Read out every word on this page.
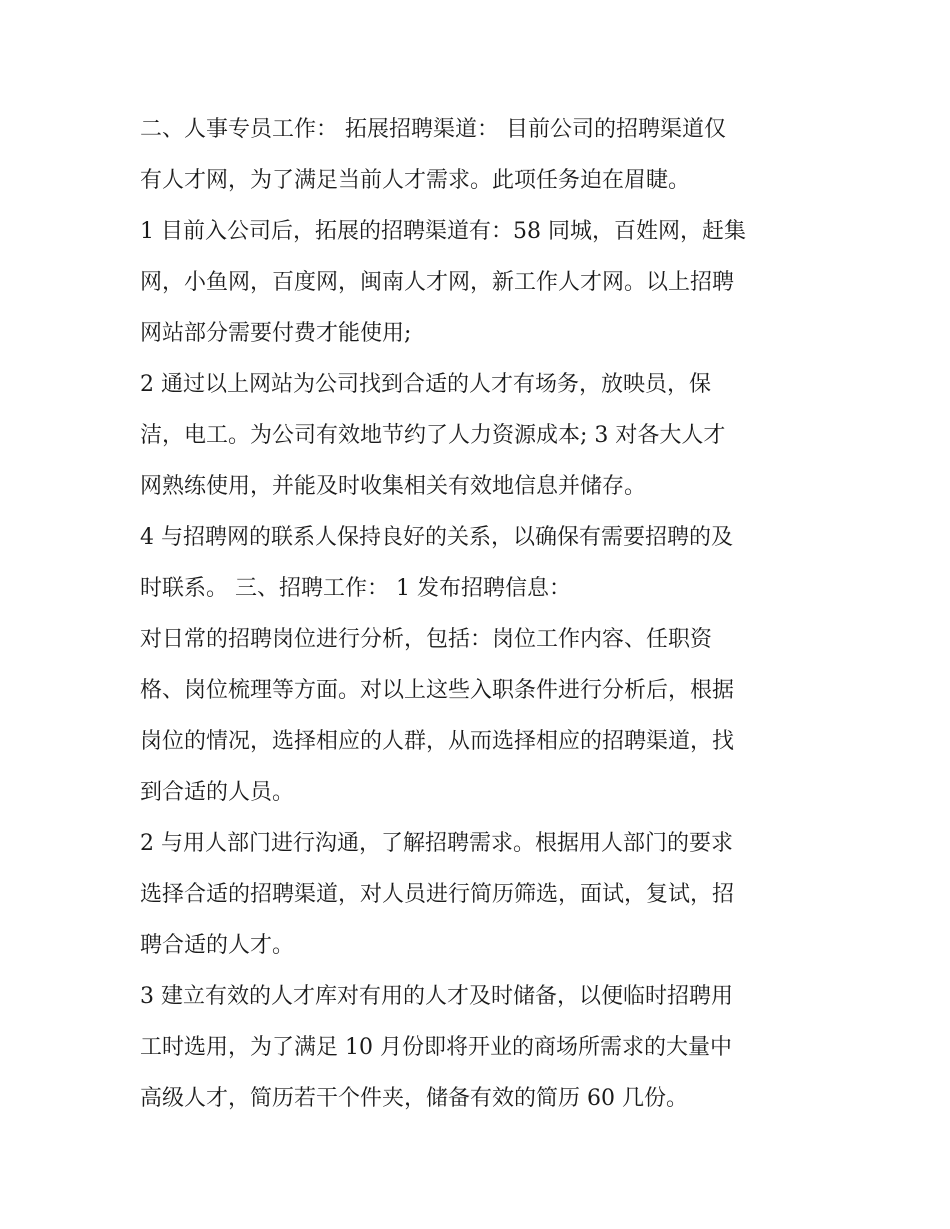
二、人事专员工作： 拓展招聘渠道： 目前公司的招聘渠道仅
有人才网，为了满足当前人才需求。此项任务迫在眉睫。
1 目前入公司后，拓展的招聘渠道有：58 同城，百姓网，赶集
网，小鱼网，百度网，闽南人才网，新工作人才网。以上招聘
网站部分需要付费才能使用;
2 通过以上网站为公司找到合适的人才有场务，放映员，保
洁，电工。为公司有效地节约了人力资源成本; 3 对各大人才
网熟练使用，并能及时收集相关有效地信息并储存。
4 与招聘网的联系人保持良好的关系，以确保有需要招聘的及
时联系。 三、招聘工作： 1 发布招聘信息：
对日常的招聘岗位进行分析，包括：岗位工作内容、任职资
格、岗位梳理等方面。对以上这些入职条件进行分析后，根据
岗位的情况，选择相应的人群，从而选择相应的招聘渠道，找
到合适的人员。
2 与用人部门进行沟通，了解招聘需求。根据用人部门的要求
选择合适的招聘渠道，对人员进行简历筛选，面试，复试，招
聘合适的人才。
3 建立有效的人才库对有用的人才及时储备，以便临时招聘用
工时选用，为了满足 10 月份即将开业的商场所需求的大量中
高级人才，简历若干个件夹，储备有效的简历 60 几份。
